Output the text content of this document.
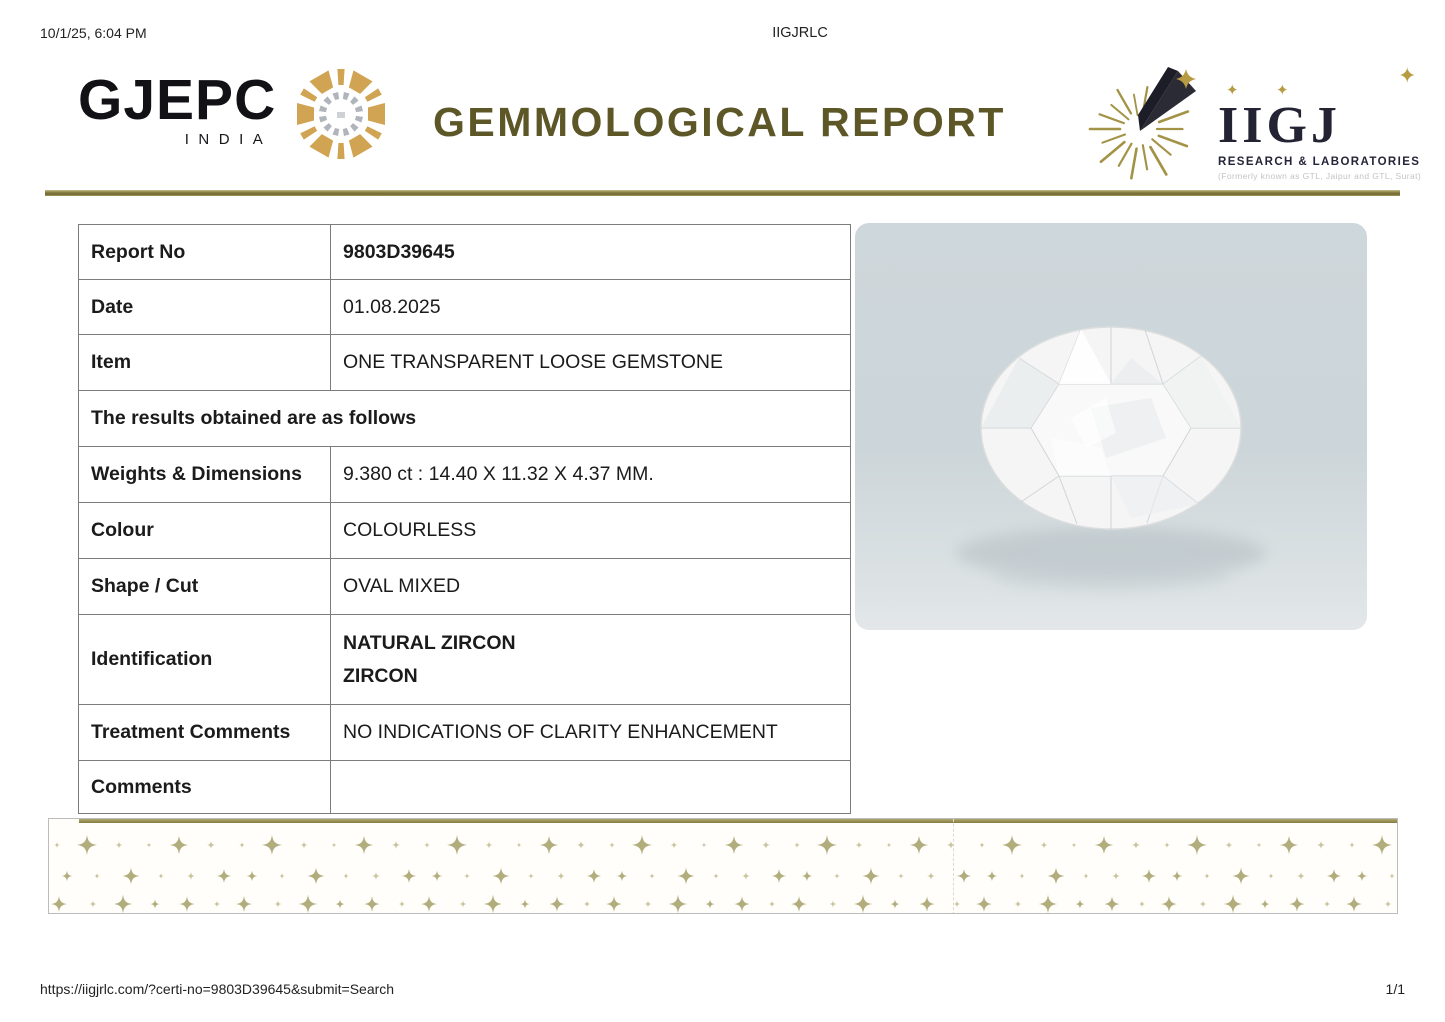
10/1/25, 6:04 PM	IIGJRLC
GJEPC
INDIA	GEMMOLOGICAL REPORT
✦ ✦
✦
IIGJ
RESEARCH & LABORATORIES
(Formerly known as GTL, Jaipur and GTL, Surat)
Report No	9803D39645
Date	01.08.2025
Item	ONE TRANSPARENT LOOSE GEMSTONE
The results obtained are as follows	
Weights & Dimensions	9.380 ct : 14.40 X 11.32 X 4.37 MM.
Colour	COLOURLESS
Shape / Cut	OVAL MIXED
Identification	NATURAL ZIRCON
ZIRCON

Treatment Comments	NO INDICATIONS OF CLARITY ENHANCEMENT
Comments	
https://iigjrlc.com/?certi-no=9803D39645&submit=Search	1/1
